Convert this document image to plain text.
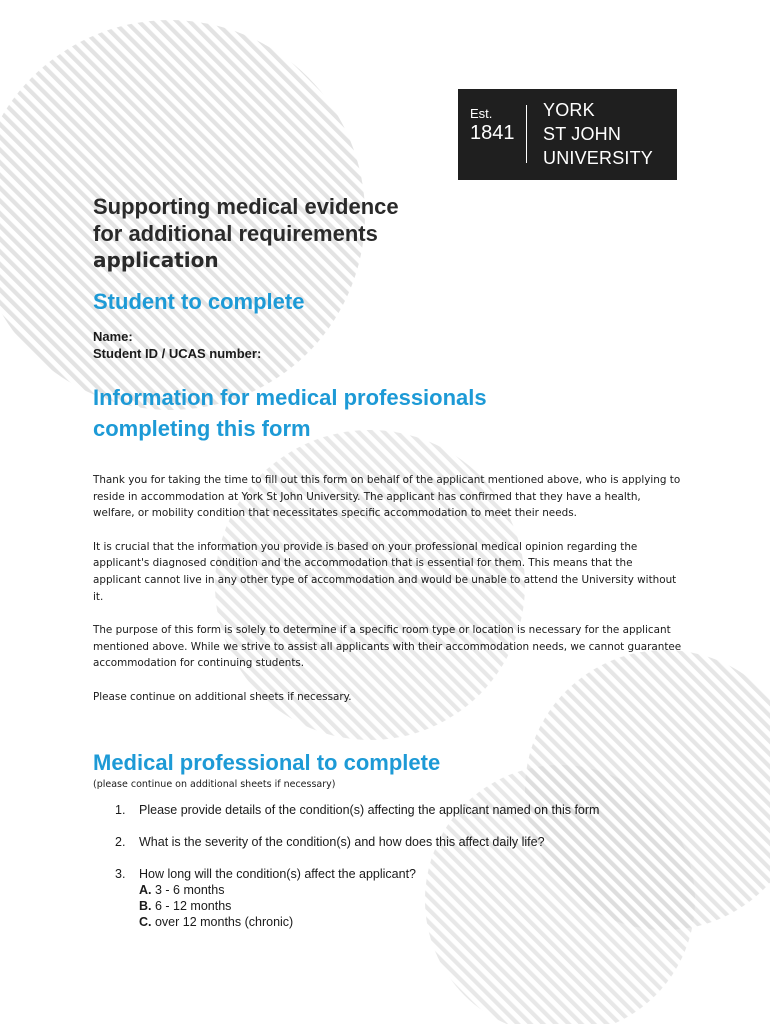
Est.
1841
YORK
ST JOHN
UNIVERSITY
Supporting medical evidence
for additional requirements
application
Student to complete
Name:
Student ID / UCAS number:
Information for medical professionals
completing this form

Thank you for taking the time to fill out this form on behalf of the applicant mentioned above, who is applying to reside in accommodation at York St John University. The applicant has confirmed that they have a health, welfare, or mobility condition that necessitates specific accommodation to meet their needs.

It is crucial that the information you provide is based on your professional medical opinion regarding the applicant's diagnosed condition and the accommodation that is essential for them. This means that the applicant cannot live in any other type of accommodation and would be unable to attend the University without it.

The purpose of this form is solely to determine if a specific room type or location is necessary for the applicant mentioned above. While we strive to assist all applicants with their accommodation needs, we cannot guarantee accommodation for continuing students.

Please continue on additional sheets if necessary.

Medical professional to complete
(please continue on additional sheets if necessary)
1. Please provide details of the condition(s) affecting the applicant named on this form
2. What is the severity of the condition(s) and how does this affect daily life?
3. How long will the condition(s) affect the applicant?
A. 3 - 6 months
B. 6 - 12 months
C. over 12 months (chronic)
